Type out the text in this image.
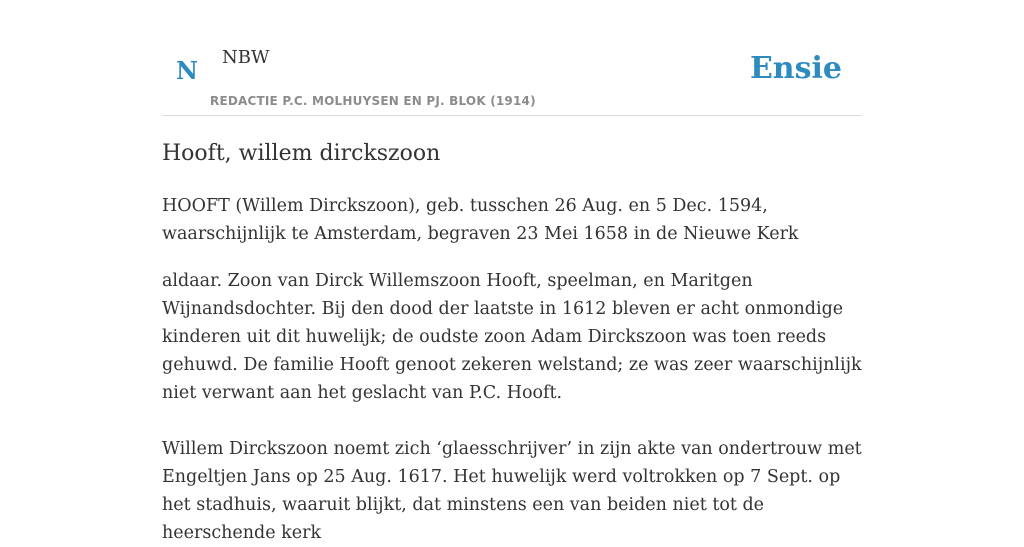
N NBW
REDACTIE P.C. MOLHUYSEN EN PJ. BLOK (1914)
Ensie
Hooft, willem dirckszoon

HOOFT (Willem Dirckszoon), geb. tusschen 26 Aug. en 5 Dec. 1594, waarschijnlijk te Amsterdam, begraven 23 Mei 1658 in de Nieuwe Kerk

aldaar. Zoon van Dirck Willemszoon Hooft, speelman, en Maritgen Wijnandsdochter. Bij den dood der laatste in 1612 bleven er acht onmondige kinderen uit dit huwelijk; de oudste zoon Adam Dirckszoon was toen reeds gehuwd. De familie Hooft genoot zekeren welstand; ze was zeer waarschijnlijk niet verwant aan het geslacht van P.C. Hooft.

Willem Dircksz​oon noemt zich ‘glaesschrijver’ in zijn akte van ondertrouw met Engeltjen Jans op 25 Aug. 1617. Het huwelijk werd voltrokken op 7 Sept. op het stadhuis, waaruit blijkt, dat minstens een van beiden niet tot de heerschende kerk
